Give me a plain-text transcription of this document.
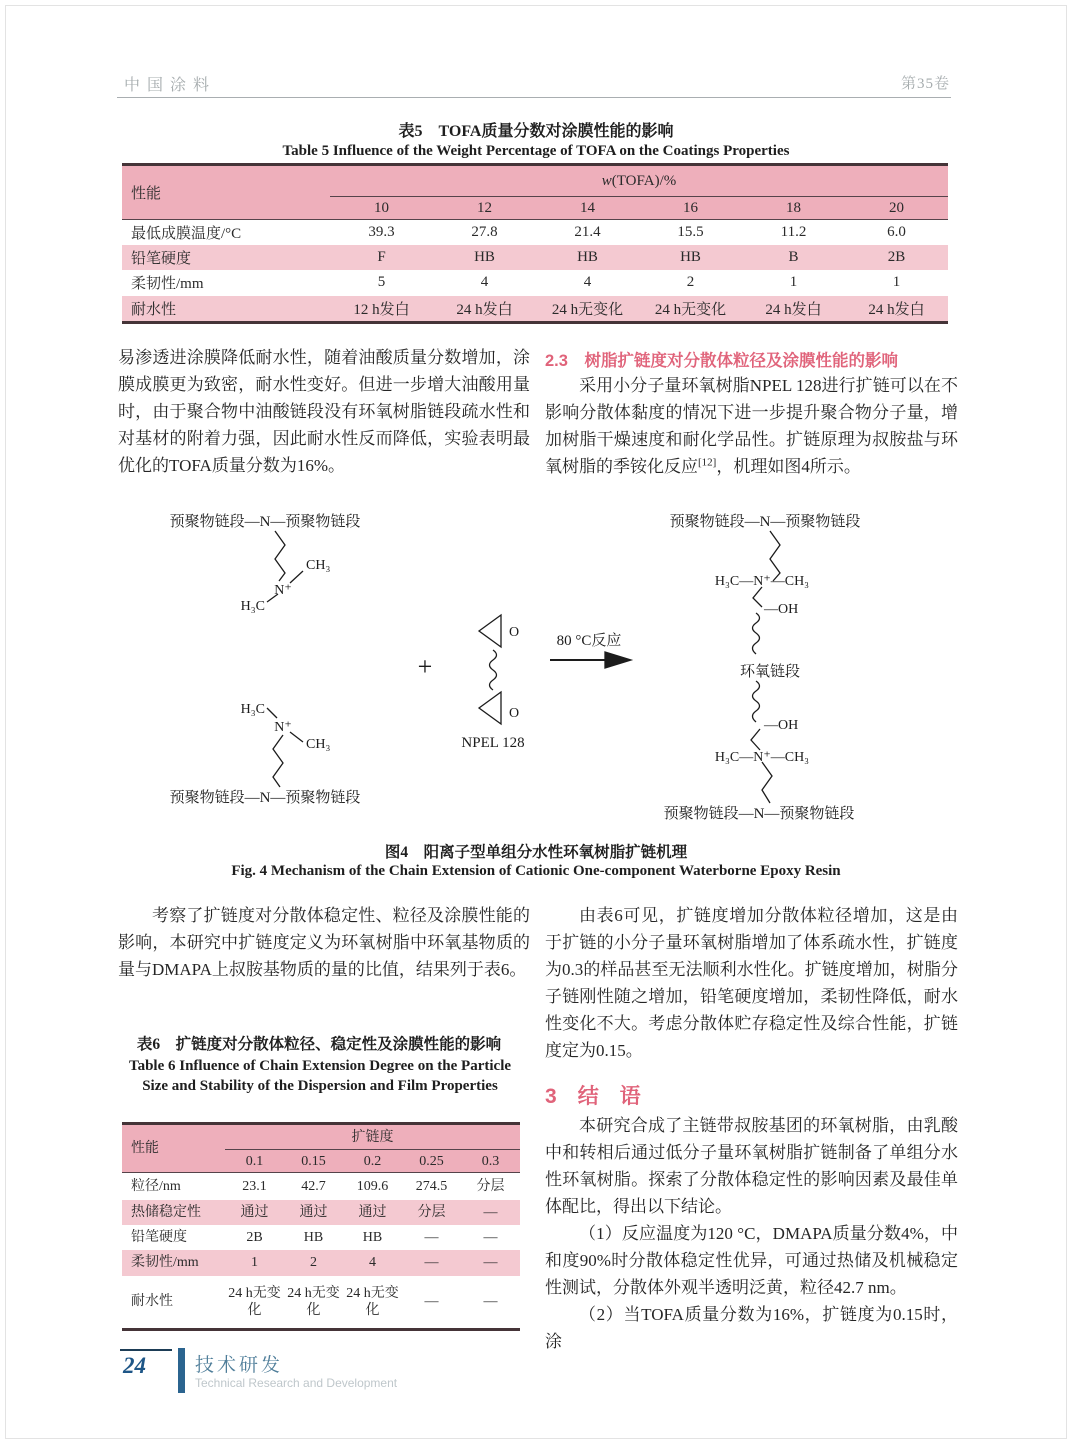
中国涂料	第35卷
表5　TOFA质量分数对涂膜性能的影响
Table 5 Influence of the Weight Percentage of TOFA on the Coatings Properties
性能	w(TOFA)/%					
	10	12	14	16	18	20
最低成膜温度/°C	39.3	27.8	21.4	15.5	11.2	6.0
铅笔硬度	F	HB	HB	HB	B	2B
柔韧性/mm	5	4	4	2	1	1
耐水性	12 h发白	24 h发白	24 h无变化	24 h无变化	24 h发白	24 h发白
易渗透进涂膜降低耐水性，随着油酸质量分数增加，涂膜成膜更为致密，耐水性变好。但进一步增大油酸用量时，由于聚合物中油酸链段没有环氧树脂链段疏水性和对基材的附着力强，因此耐水性反而降低，实验表明最优化的TOFA质量分数为16%。
2.3  树脂扩链度对分散体粒径及涂膜性能的影响
采用小分子量环氧树脂NPEL 128进行扩链可以在不影响分散体黏度的情况下进一步提升聚合物分子量，增加树脂干燥速度和耐化学品性。扩链原理为叔胺盐与环氧树脂的季铵化反应[12]，机理如图4所示。
预聚物链段—N—预聚物链段
N⁺
CH₃
H₃C
H₃C
N⁺
CH₃
预聚物链段—N—预聚物链段
+
O
O
NPEL 128
80 °C反应
预聚物链段—N—预聚物链段
H₃C—N⁺—CH₃
—OH
环氧链段
—OH
H₃C—N⁺—CH₃
预聚物链段—N—预聚物链段
图4　阳离子型单组分水性环氧树脂扩链机理
Fig. 4 Mechanism of the Chain Extension of Cationic One-component Waterborne Epoxy Resin
考察了扩链度对分散体稳定性、粒径及涂膜性能的影响，本研究中扩链度定义为环氧树脂中环氧基物质的量与DMAPA上叔胺基物质的量的比值，结果列于表6。
表6　扩链度对分散体粒径、稳定性及涂膜性能的影响
Table 6 Influence of Chain Extension Degree on the Particle Size and Stability of the Dispersion and Film Properties
性能	扩链度				
	0.1	0.15	0.2	0.25	0.3
粒径/nm	23.1	42.7	109.6	274.5	分层
热储稳定性	通过	通过	通过	分层	—
铅笔硬度	2B	HB	HB	—	—
柔韧性/mm	1	2	4	—	—
耐水性	24 h无变化	24 h无变化	24 h无变化	—	—
由表6可见，扩链度增加分散体粒径增加，这是由于扩链的小分子量环氧树脂增加了体系疏水性，扩链度为0.3的样品甚至无法顺利水性化。扩链度增加，树脂分子链刚性随之增加，铅笔硬度增加，柔韧性降低，耐水性变化不大。考虑分散体贮存稳定性及综合性能，扩链度定为0.15。
3  结　语
本研究合成了主链带叔胺基团的环氧树脂，由乳酸中和转相后通过低分子量环氧树脂扩链制备了单组分水性环氧树脂。探索了分散体稳定性的影响因素及最佳单体配比，得出以下结论。
（1）反应温度为120 °C，DMAPA质量分数4%，中和度90%时分散体稳定性优异，可通过热储及机械稳定性测试，分散体外观半透明泛黄，粒径42.7 nm。
（2）当TOFA质量分数为16%，扩链度为0.15时，涂
24	技术研发
Technical Research and Development
